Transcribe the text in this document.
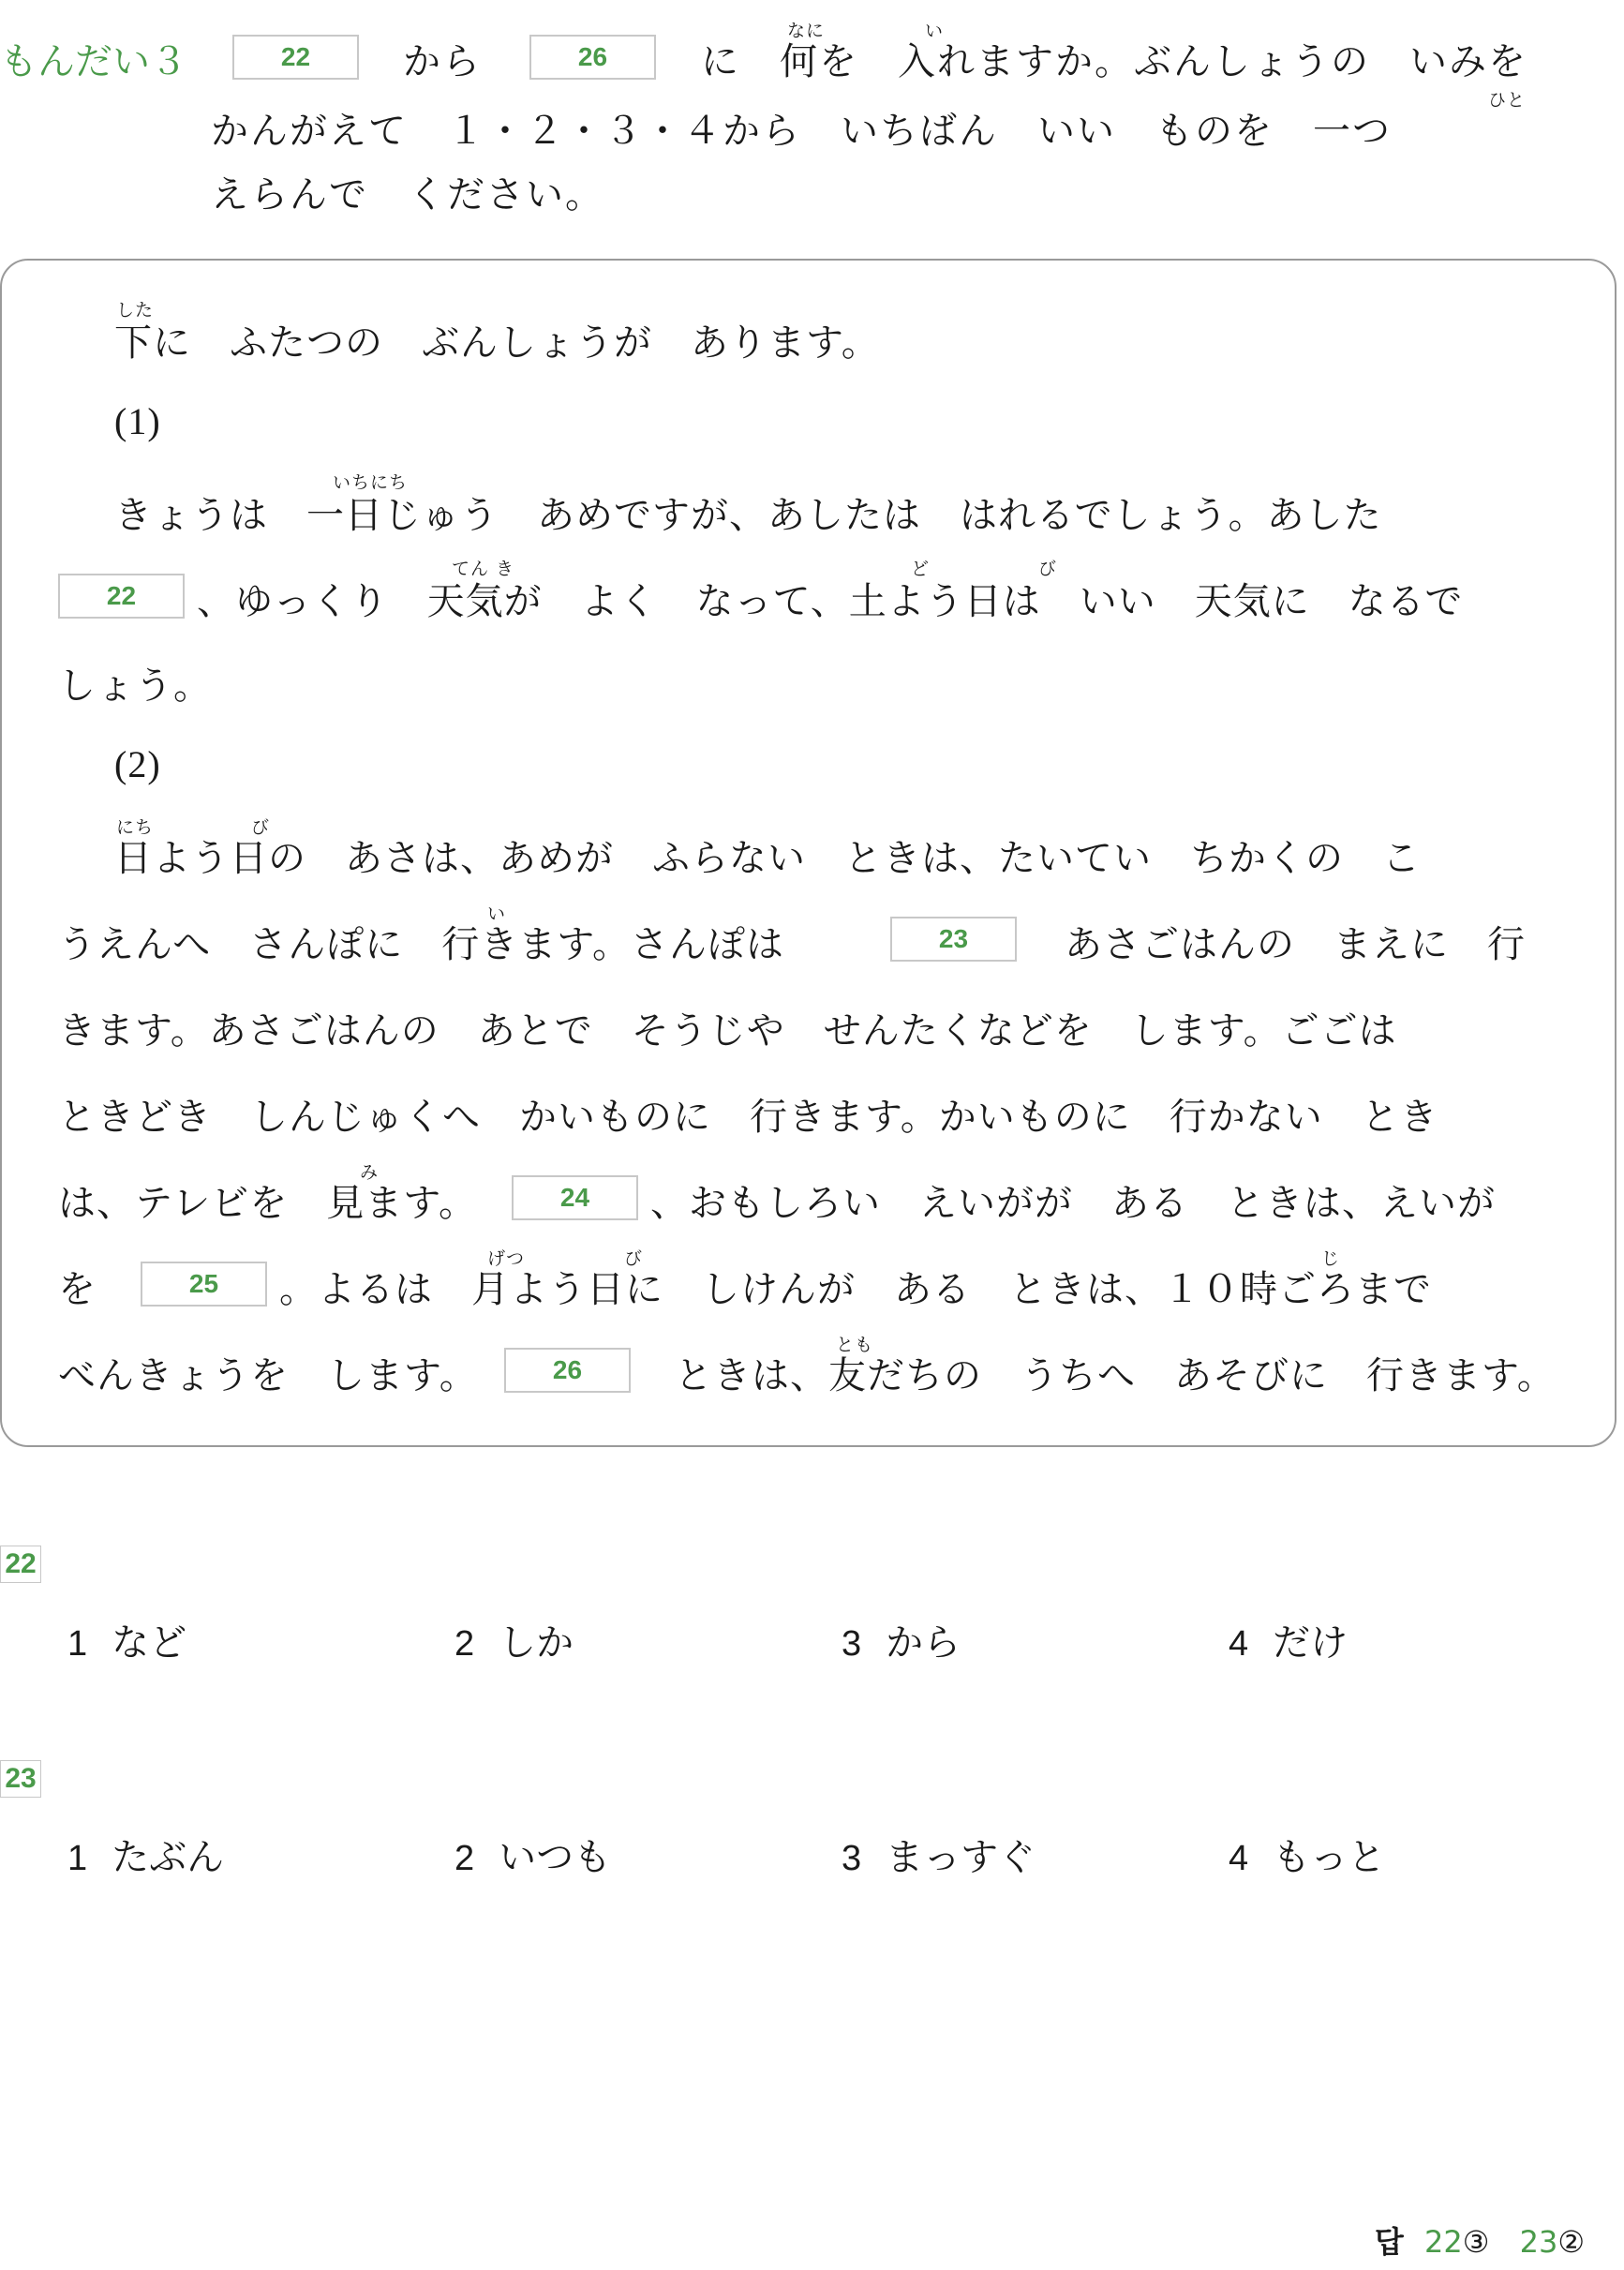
もんだい３	22	から	26
なに	い
に　何を　入れますか。ぶんしょうの　いみを
ひと
かんがえて　１・２・３・４から　いちばん　いい　ものを　一つ
えらんで　ください。
した
下に　ふたつの　ぶんしょうが　あります。
(1)
いちにち
きょうは　一日じゅう　あめですが、あしたは　はれるでしょう。あした
22
てん き	ど	び
、ゆっくり　天気が　よく　なって、土よう日は　いい　天気に　なるで
しょう。
(2)
にち	び
日よう日の　あさは、あめが　ふらない　ときは、たいてい　ちかくの　こ
い
うえんへ　さんぽに　行きます。さんぽは	23	あさごはんの　まえに　行
きます。あさごはんの　あとで　そうじや　せんたくなどを　します。ごごは
ときどき　しんじゅくへ　かいものに　行きます。かいものに　行かない　とき
み
は、テレビを　見ます。	24	、おもしろい　えいがが　ある　ときは、えいが
を	25
げつ	び	じ
。よるは　月よう日に　しけんが　ある　ときは、１０時ごろまで
べんきょうを　します。	26
とも
ときは、友だちの　うちへ　あそびに　行きます。
22
1 など	2 しか	3 から	4 だけ
23
1 たぶん	2 いつも	3 まっすぐ	4 もっと
답 22③ 23②
